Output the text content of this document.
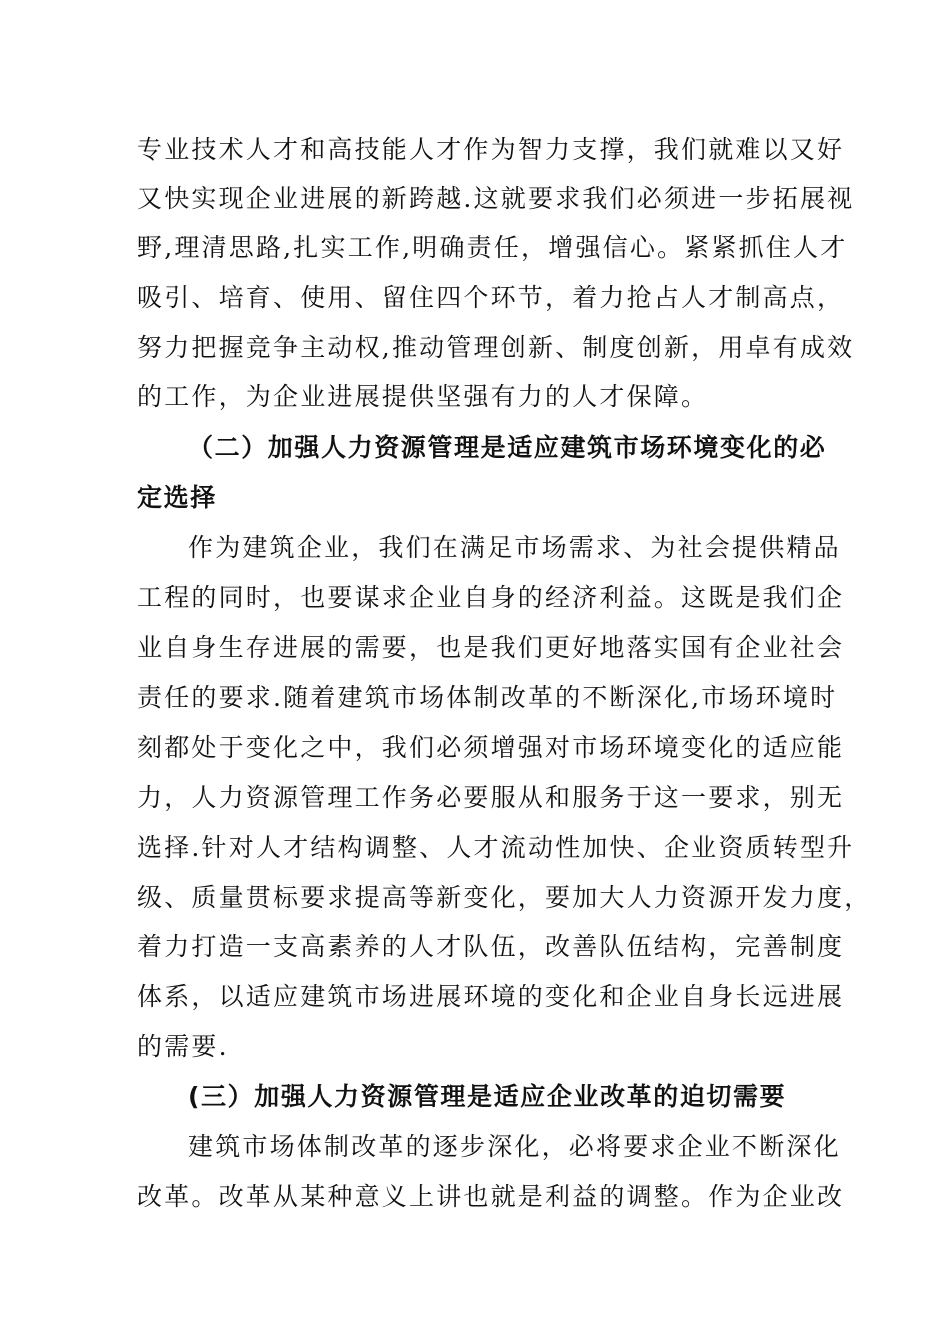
专业技术人才和高技能人才作为智力支撑，我们就难以又好
又快实现企业进展的新跨越.这就要求我们必须进一步拓展视
野,理清思路,扎实工作,明确责任，增强信心。紧紧抓住人才
吸引、培育、使用、留住四个环节，着力抢占人才制高点，
努力把握竞争主动权,推动管理创新、制度创新，用卓有成效
的工作，为企业进展提供坚强有力的人才保障。
（二）加强人力资源管理是适应建筑市场环境变化的必
定选择
作为建筑企业，我们在满足市场需求、为社会提供精品
工程的同时，也要谋求企业自身的经济利益。这既是我们企
业自身生存进展的需要，也是我们更好地落实国有企业社会
责任的要求.随着建筑市场体制改革的不断深化,市场环境时
刻都处于变化之中，我们必须增强对市场环境变化的适应能
力，人力资源管理工作务必要服从和服务于这一要求，别无
选择.针对人才结构调整、人才流动性加快、企业资质转型升
级、质量贯标要求提高等新变化，要加大人力资源开发力度，
着力打造一支高素养的人才队伍，改善队伍结构，完善制度
体系，以适应建筑市场进展环境的变化和企业自身长远进展
的需要.
(三）加强人力资源管理是适应企业改革的迫切需要
建筑市场体制改革的逐步深化，必将要求企业不断深化
改革。改革从某种意义上讲也就是利益的调整。作为企业改
